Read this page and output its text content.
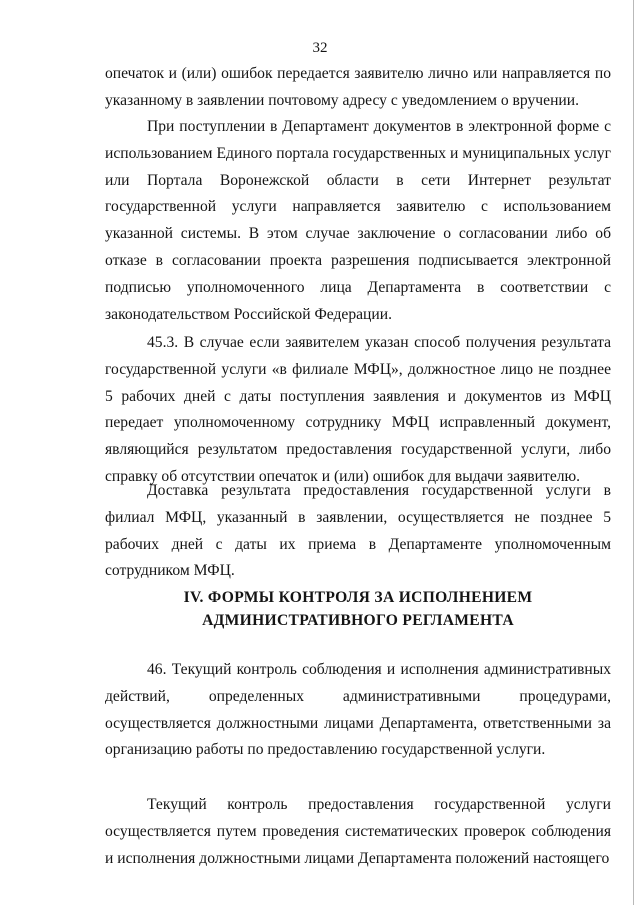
32

опечаток и (или) ошибок передается заявителю лично или направляется по указанному в заявлении почтовому адресу с уведомлением о вручении.

При поступлении в Департамент документов в электронной форме с использованием Единого портала государственных и муниципальных услуг или Портала Воронежской области в сети Интернет результат государственной услуги направляется заявителю с использованием указанной системы. В этом случае заключение о согласовании либо об отказе в согласовании проекта разрешения подписывается электронной подписью уполномоченного лица Департамента в соответствии с законодательством Российской Федерации.

45.3. В случае если заявителем указан способ получения результата государственной услуги «в филиале МФЦ», должностное лицо не позднее 5 рабочих дней с даты поступления заявления и документов из МФЦ передает уполномоченному сотруднику МФЦ исправленный документ, являющийся результатом предоставления государственной услуги, либо справку об отсутствии опечаток и (или) ошибок для выдачи заявителю.

Доставка результата предоставления государственной услуги в филиал МФЦ, указанный в заявлении, осуществляется не позднее 5 рабочих дней с даты их приема в Департаменте уполномоченным сотрудником МФЦ.

IV. ФОРМЫ КОНТРОЛЯ ЗА ИСПОЛНЕНИЕМ

АДМИНИСТРАТИВНОГО РЕГЛАМЕНТА

46. Текущий контроль соблюдения и исполнения административных действий, определенных административными процедурами, осуществляется должностными лицами Департамента, ответственными за организацию работы по предоставлению государственной услуги.

Текущий контроль предоставления государственной услуги осуществляется путем проведения систематических проверок соблюдения и исполнения должностными лицами Департамента положений настоящего
